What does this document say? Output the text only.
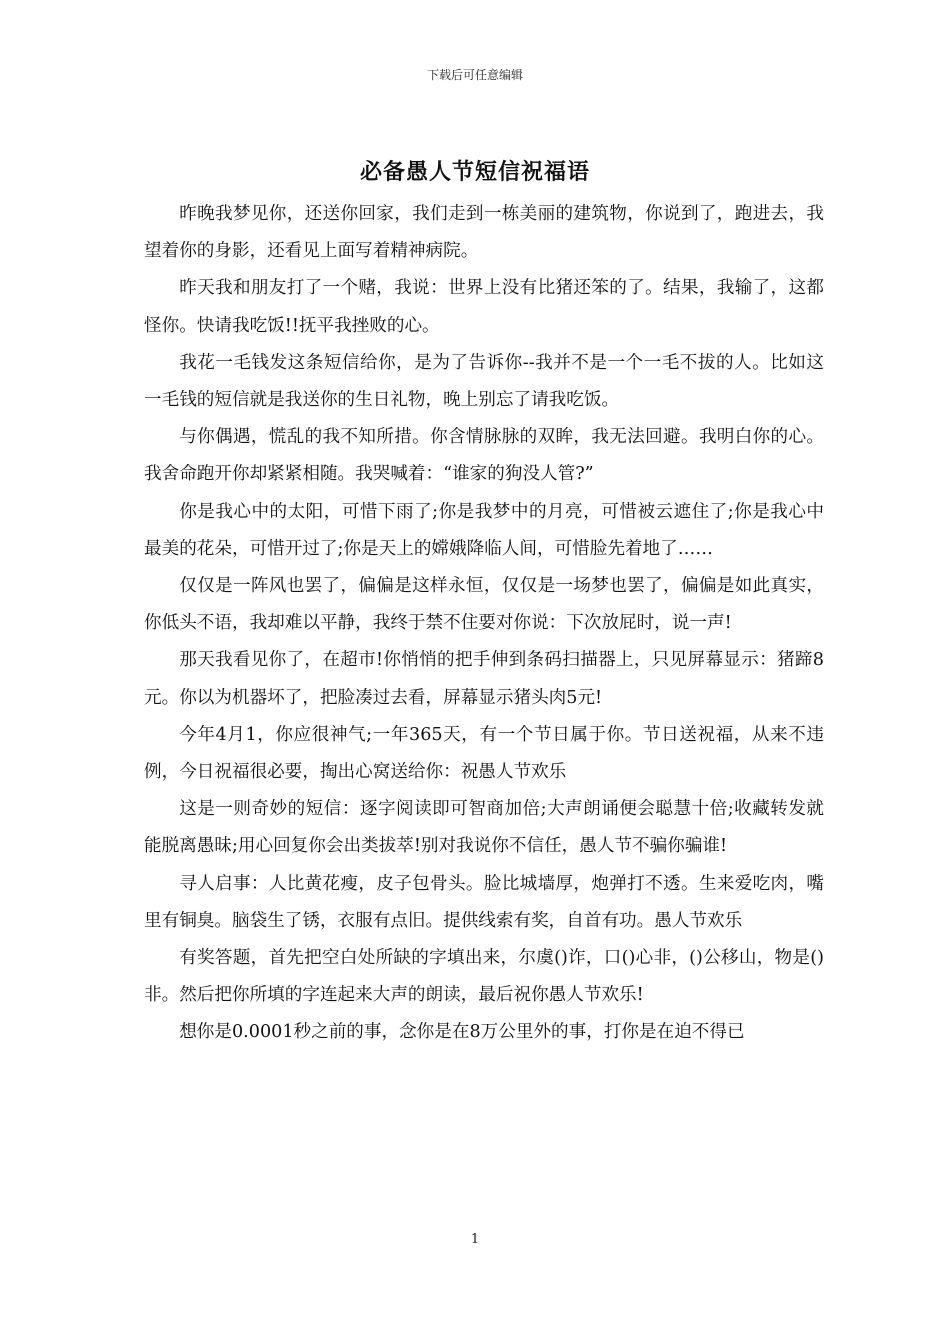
下载后可任意编辑
必备愚人节短信祝福语

昨晚我梦见你，还送你回家，我们走到一栋美丽的建筑物，你说到了，跑进去，我望着你的身影，还看见上面写着精神病院。

昨天我和朋友打了一个赌，我说：世界上没有比猪还笨的了。结果，我输了，这都怪你。快请我吃饭!!抚平我挫败的心。

我花一毛钱发这条短信给你，是为了告诉你--我并不是一个一毛不拔的人。比如这一毛钱的短信就是我送你的生日礼物，晚上别忘了请我吃饭。

与你偶遇，慌乱的我不知所措。你含情脉脉的双眸，我无法回避。我明白你的心。我舍命跑开你却紧紧相随。我哭喊着：“谁家的狗没人管?”

你是我心中的太阳，可惜下雨了;你是我梦中的月亮，可惜被云遮住了;你是我心中最美的花朵，可惜开过了;你是天上的嫦娥降临人间，可惜脸先着地了……

仅仅是一阵风也罢了，偏偏是这样永恒，仅仅是一场梦也罢了，偏偏是如此真实，你低头不语，我却难以平静，我终于禁不住要对你说：下次放屁时，说一声!

那天我看见你了，在超市!你悄悄的把手伸到条码扫描器上，只见屏幕显示：猪蹄8元。你以为机器坏了，把脸凑过去看，屏幕显示猪头肉5元!

今年4月1，你应很神气;一年365天，有一个节日属于你。节日送祝福，从来不违例，今日祝福很必要，掏出心窝送给你：祝愚人节欢乐

这是一则奇妙的短信：逐字阅读即可智商加倍;大声朗诵便会聪慧十倍;收藏转发就能脱离愚昧;用心回复你会出类拔萃!别对我说你不信任，愚人节不骗你骗谁!

寻人启事：人比黄花瘦，皮子包骨头。脸比城墙厚，炮弹打不透。生来爱吃肉，嘴里有铜臭。脑袋生了锈，衣服有点旧。提供线索有奖，自首有功。愚人节欢乐

有奖答题，首先把空白处所缺的字填出来，尔虞()诈，口()心非，()公移山，物是()非。然后把你所填的字连起来大声的朗读，最后祝你愚人节欢乐!

想你是0.0001秒之前的事，念你是在8万公里外的事，打你是在迫不得已

1
